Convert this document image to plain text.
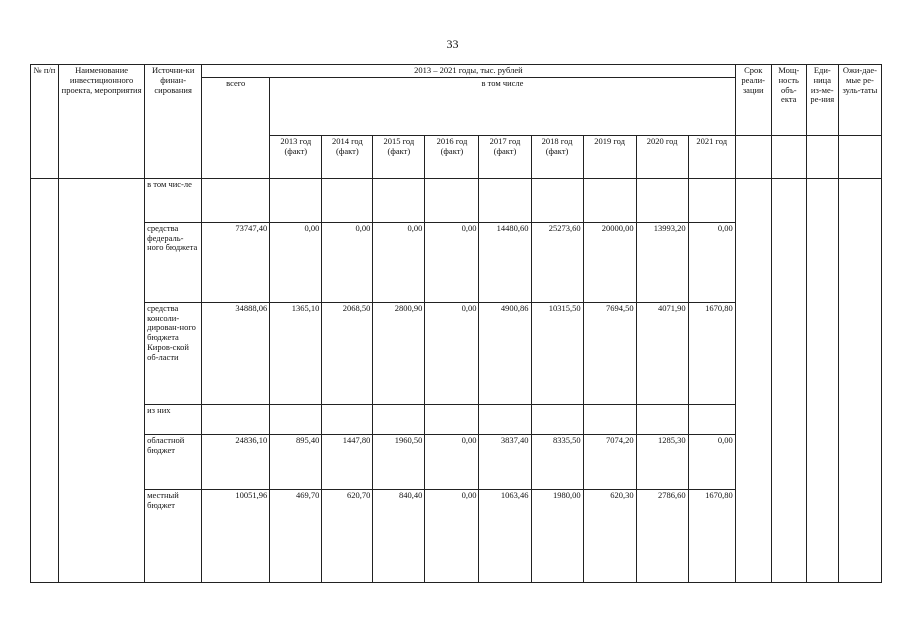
33
№ п/п	Наименование инвестиционного проекта, мероприятия	Источни-ки финан-сирования	2013 – 2021 годы, тыс. рублей										Срок реали-зации	Мощ-ность объ-екта	Еди-ница из-ме-ре-ния	Ожи-дае-мые ре-зуль-таты
			всего	в том числе												
				2013 год (факт)	2014 год (факт)	2015 год (факт)	2016 год (факт)	2017 год (факт)	2018 год (факт)	2019 год	2020 год	2021 год				
		в том чис-ле														
		средства федераль-ного бюджета	73747,40	0,00	0,00	0,00	0,00	14480,60	25273,60	20000,00	13993,20	0,00				
		средства консоли-дирован-ного бюджета Киров-ской об-ласти	34888,06	1365,10	2068,50	2800,90	0,00	4900,86	10315,50	7694,50	4071,90	1670,80				
		из них														
		областной бюджет	24836,10	895,40	1447,80	1960,50	0,00	3837,40	8335,50	7074,20	1285,30	0,00				
		местный бюджет	10051,96	469,70	620,70	840,40	0,00	1063,46	1980,00	620,30	2786,60	1670,80				
